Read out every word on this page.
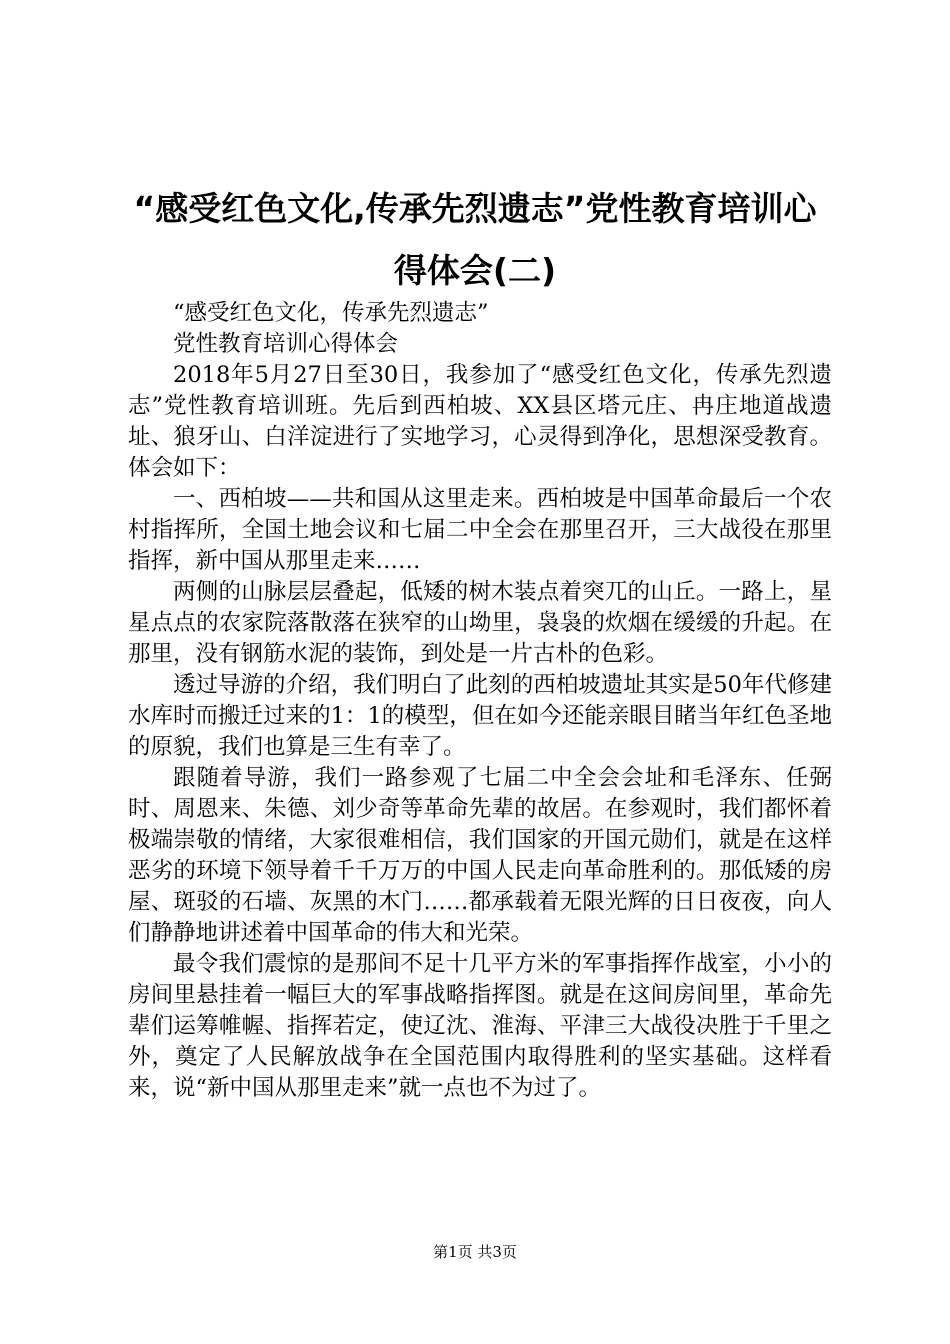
“感受红色文化,传承先烈遗志”党性教育培训心得体会(二)

“感受红色文化，传承先烈遗志”

党性教育培训心得体会

2018年5月27日至30日，我参加了“感受红色文化，传承先烈遗志”党性教育培训班。先后到西柏坡、XX县区塔元庄、冉庄地道战遗址、狼牙山、白洋淀进行了实地学习，心灵得到净化，思想深受教育。体会如下：

一、西柏坡——共和国从这里走来。西柏坡是中国革命最后一个农村指挥所，全国土地会议和七届二中全会在那里召开，三大战役在那里指挥，新中国从那里走来……

两侧的山脉层层叠起，低矮的树木装点着突兀的山丘。一路上，星星点点的农家院落散落在狭窄的山坳里，袅袅的炊烟在缓缓的升起。在那里，没有钢筋水泥的装饰，到处是一片古朴的色彩。

透过导游的介绍，我们明白了此刻的西柏坡遗址其实是50年代修建水库时而搬迁过来的1：1的模型，但在如今还能亲眼目睹当年红色圣地的原貌，我们也算是三生有幸了。

跟随着导游，我们一路参观了七届二中全会会址和毛泽东、任弼时、周恩来、朱德、刘少奇等革命先辈的故居。在参观时，我们都怀着极端崇敬的情绪，大家很难相信，我们国家的开国元勋们，就是在这样恶劣的环境下领导着千千万万的中国人民走向革命胜利的。那低矮的房屋、斑驳的石墙、灰黑的木门……都承载着无限光辉的日日夜夜，向人们静静地讲述着中国革命的伟大和光荣。

最令我们震惊的是那间不足十几平方米的军事指挥作战室，小小的房间里悬挂着一幅巨大的军事战略指挥图。就是在这间房间里，革命先辈们运筹帷幄、指挥若定，使辽沈、淮海、平津三大战役决胜于千里之外，奠定了人民解放战争在全国范围内取得胜利的坚实基础。这样看来，说“新中国从那里走来”就一点也不为过了。

第1页 共3页
